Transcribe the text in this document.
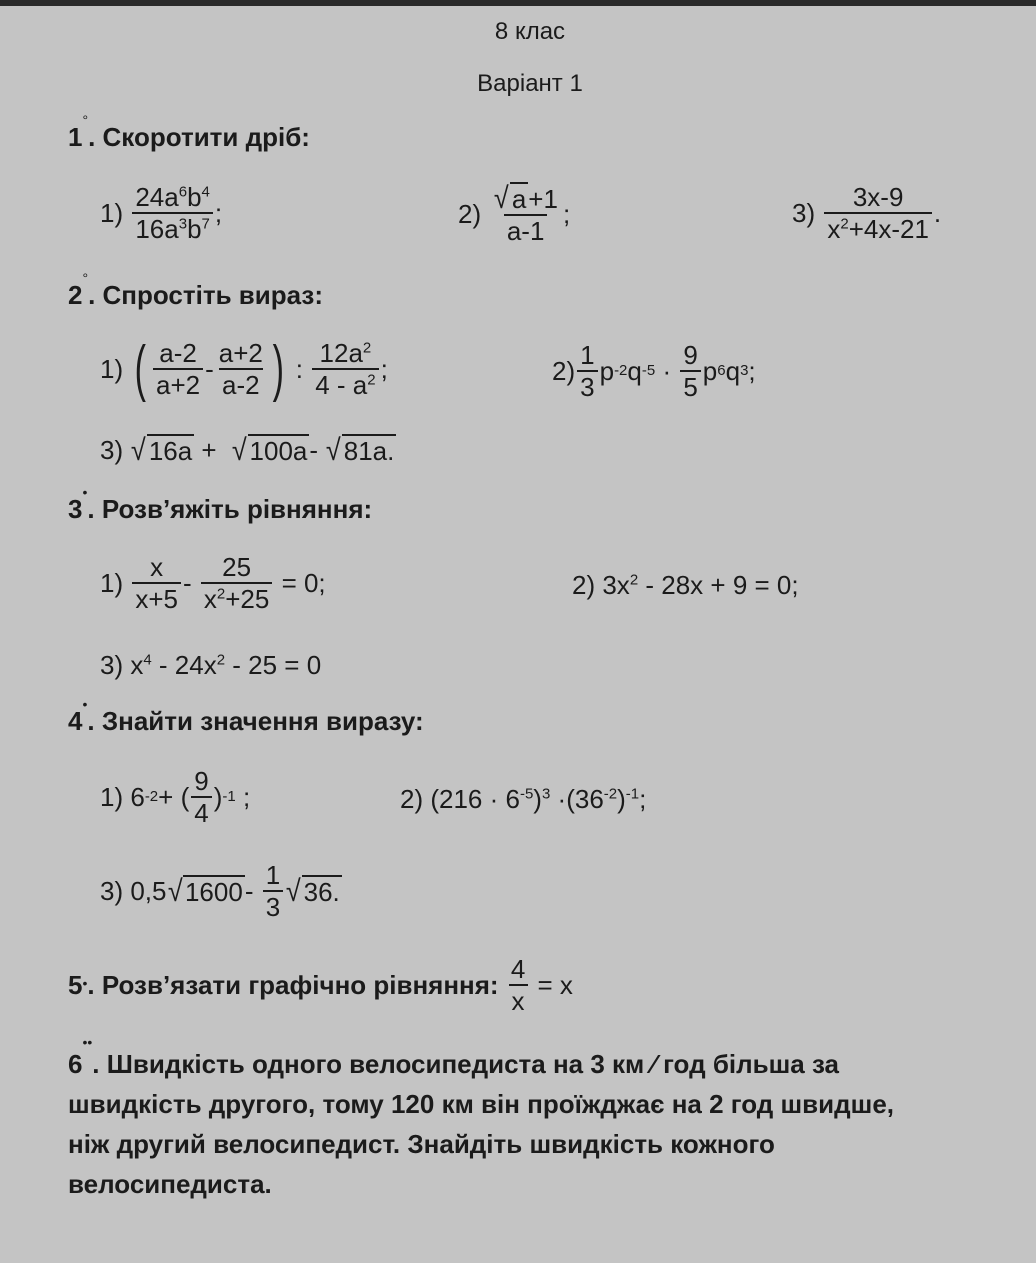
8 клас
Варіант 1
1°. Скоротити дріб:
$1) \frac{24a^6b^4}{16a^3b^7}$ ;	$2) \frac{√ a +1}{a-1}$ ;	$3) \frac{3x-9}{x^2+4x-21}$ .
2°. Спростіть вираз:
1) ( $\frac{a-2}{a+2} - \frac{a+2}{a-2}$ ) : $\frac{12a^2}{4 - a^2}$ ;	$2) \frac{1}{3}$ p -2 q $-5 \cdot \frac{9}{5}$ p 6 q 3 ;
3) √ 16a + √ 100a - √ 81a.
3•. Розв’яжіть рівняння:
$1) \frac{x}{x+5} - \frac{25}{x^2+25} = 0$;	2) $3x^2 - 28x + 9 = 0$;
3) $x^4 - 24x^2 - 25 = 0$
4•. Знайти значення виразу:
1) 6 -2 + ( $\frac{9}{4}$ ) -1 ;	2) $(216 \cdot 6^{-5})^3 \cdot(36^{-2})^{-1}$;
3) 0,5 √ $1600 - \frac{1}{3}$ √ 36.
5• . Розв’язати графічно рівняння: $\frac{4}{x}$
= x
6••. Швидкість одного велосипедиста на 3 км ⁄ год більша за
швидкість другого, тому 120 км він проїжджає на 2 год швидше,
ніж другий велосипедист. Знайдіть швидкість кожного
велосипедиста.
